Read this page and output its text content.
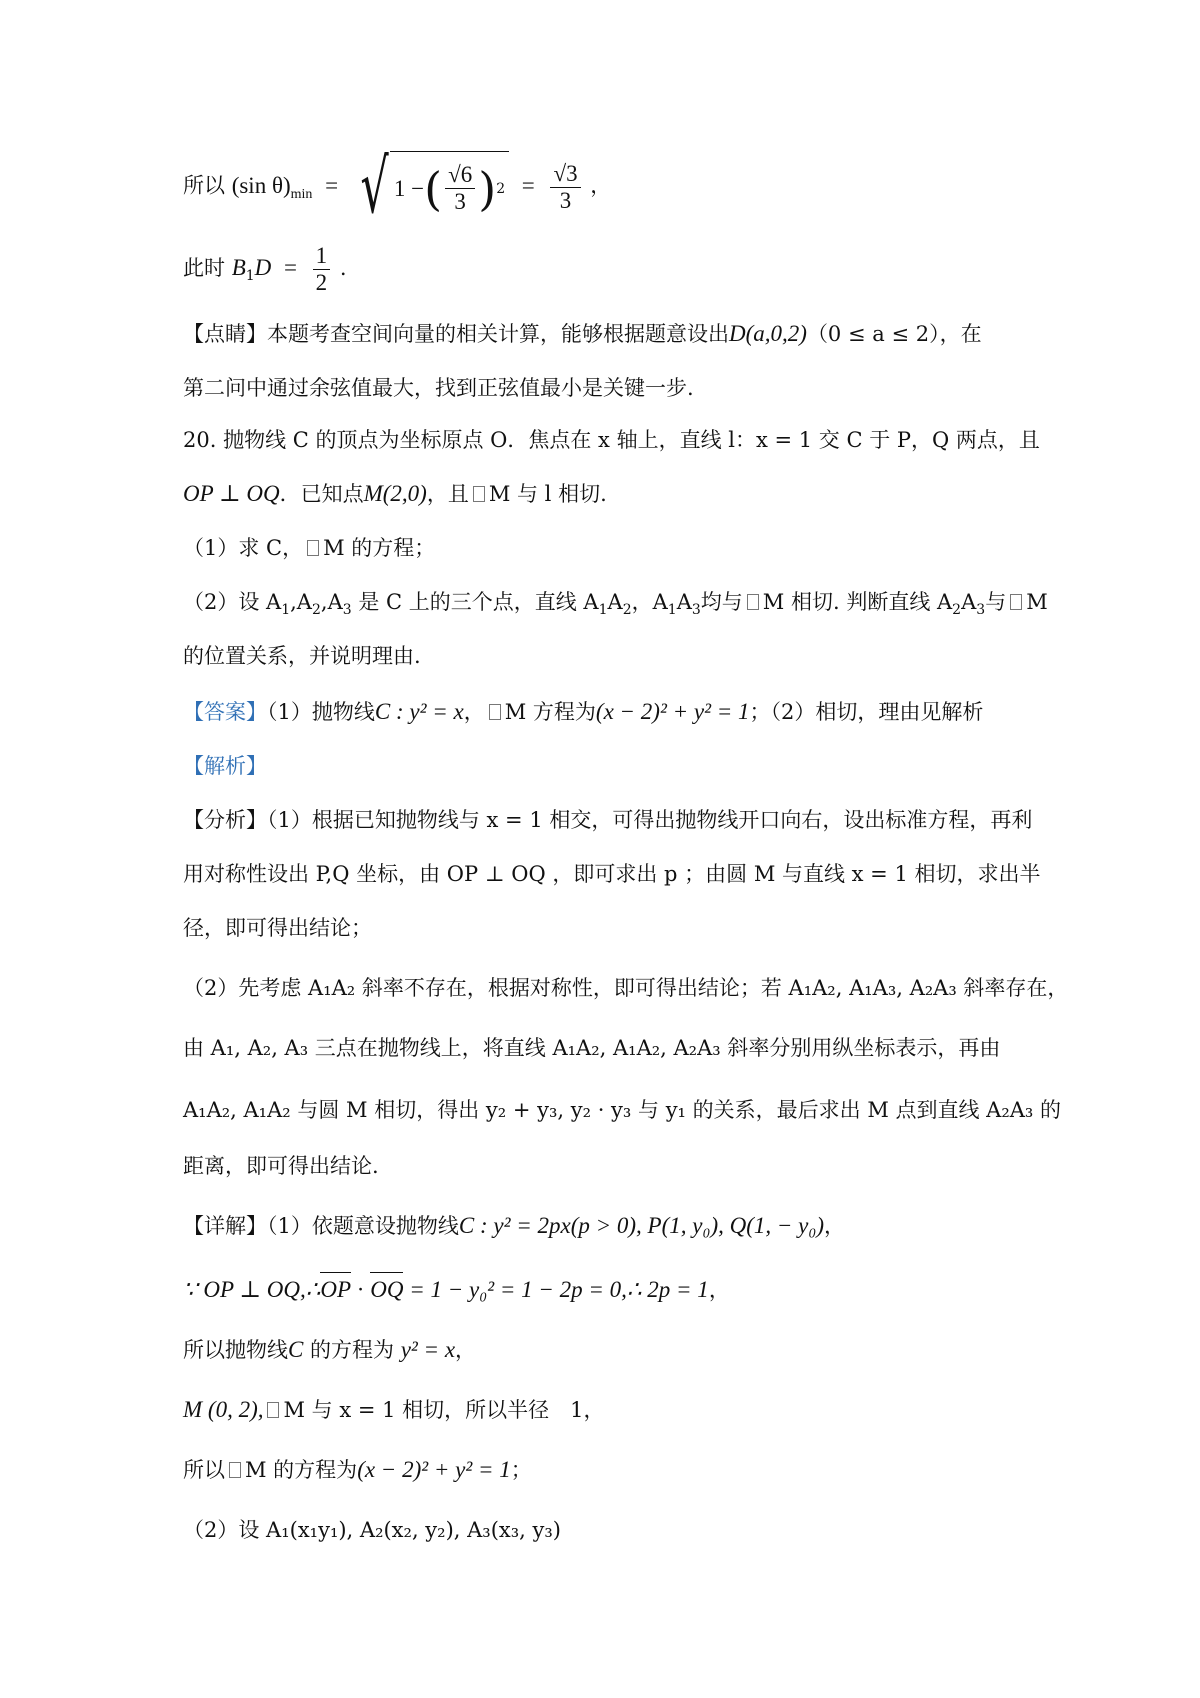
所以 (sin $\theta)_{min}$ = √ 1 − ( $\frac{√6}{3}$ ) $2 = \frac{√3}{3}$ ，
此时 $B_1D = \frac{1}{2}$ .
【点睛】本题考查空间向量的相关计算，能够根据题意设出D(a,0,2)（0 ≤ a ≤ 2），在
第二问中通过余弦值最大，找到正弦值最小是关键一步.
20. 抛物线 C 的顶点为坐标原点 O．焦点在 x 轴上，直线 l：x = 1 交 C 于 P，Q 两点，且
OP ⊥ OQ．已知点M(2,0)，且 M 与 l 相切.
（1）求 C， M 的方程；
（2）设 $A_1,A_2,A_3$ 是 C 上的三个点，直线 $A_1A_2$，$A_1A_3$均与 M 相切. 判断直线 $A_2A_3$与 M
的位置关系，并说明理由.
【答案】（1）抛物线C : y² = x， M 方程为(x − 2)² + y² = 1；（2）相切，理由见解析
【解析】
【分析】（1）根据已知抛物线与 x = 1 相交，可得出抛物线开口向右，设出标准方程，再利
用对称性设出 P,Q 坐标，由 OP ⊥ OQ ，即可求出 p ；由圆 M 与直线 x = 1 相切，求出半
径，即可得出结论；
（2）先考虑 A₁A₂ 斜率不存在，根据对称性，即可得出结论；若 A₁A₂, A₁A₃, A₂A₃ 斜率存在，
由 A₁, A₂, A₃ 三点在抛物线上，将直线 A₁A₂, A₁A₂, A₂A₃ 斜率分别用纵坐标表示，再由
A₁A₂, A₁A₂ 与圆 M 相切，得出 y₂ + y₃, y₂ · y₃ 与 y₁ 的关系，最后求出 M 点到直线 A₂A₃ 的
距离，即可得出结论.
【详解】（1）依题意设抛物线C : y² = 2px(p > 0), P(1, y₀), Q(1, − y₀)，
∵ OP ⊥ OQ,∴OP · OQ = 1 − y₀² = 1 − 2p = 0,∴ 2p = 1，
所以抛物线C 的方程为 y² = x，
M (0, 2), M 与 x = 1 相切，所以半径　1，
所以 M 的方程为(x − 2)² + y² = 1；
（2）设 A₁(x₁y₁), A₂(x₂, y₂), A₃(x₃, y₃)
